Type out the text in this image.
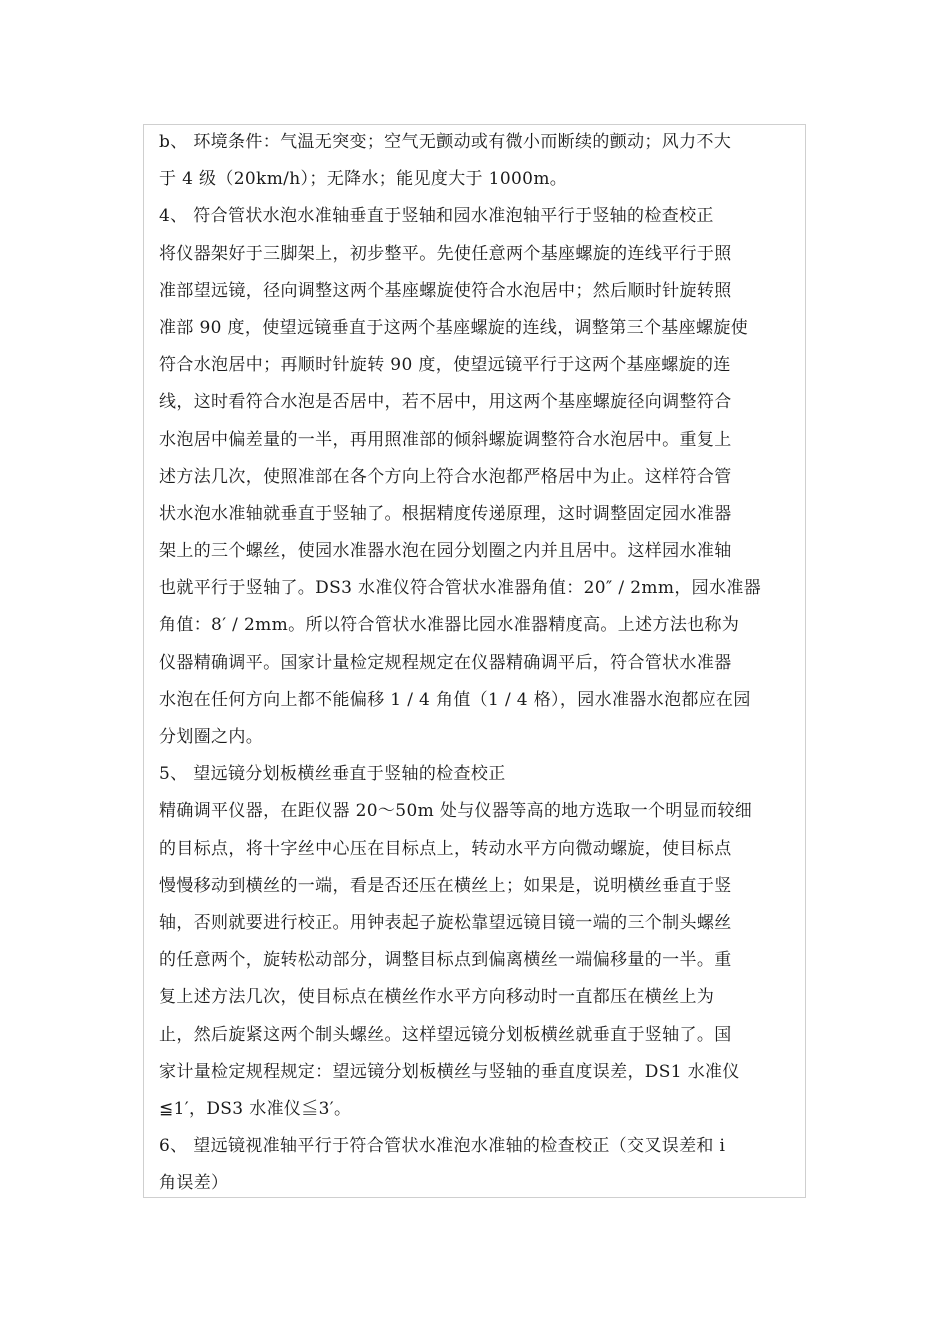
b、 环境条件：气温无突变；空气无颤动或有微小而断续的颤动；风力不大
于 4 级（20km/h）；无降水；能见度大于 1000m。
4、 符合管状水泡水准轴垂直于竖轴和园水准泡轴平行于竖轴的检查校正
将仪器架好于三脚架上，初步整平。先使任意两个基座螺旋的连线平行于照
准部望远镜，径向调整这两个基座螺旋使符合水泡居中；然后顺时针旋转照
准部 90 度，使望远镜垂直于这两个基座螺旋的连线，调整第三个基座螺旋使
符合水泡居中；再顺时针旋转 90 度，使望远镜平行于这两个基座螺旋的连
线，这时看符合水泡是否居中，若不居中，用这两个基座螺旋径向调整符合
水泡居中偏差量的一半，再用照准部的倾斜螺旋调整符合水泡居中。重复上
述方法几次，使照准部在各个方向上符合水泡都严格居中为止。这样符合管
状水泡水准轴就垂直于竖轴了。根据精度传递原理，这时调整固定园水准器
架上的三个螺丝，使园水准器水泡在园分划圈之内并且居中。这样园水准轴
也就平行于竖轴了。DS3 水准仪符合管状水准器角值：20″ / 2mm，园水准器
角值：8′ / 2mm。所以符合管状水准器比园水准器精度高。上述方法也称为
仪器精确调平。国家计量检定规程规定在仪器精确调平后，符合管状水准器
水泡在任何方向上都不能偏移 1 / 4 角值（1 / 4 格），园水准器水泡都应在园
分划圈之内。
5、 望远镜分划板横丝垂直于竖轴的检查校正
精确调平仪器，在距仪器 20～50m 处与仪器等高的地方选取一个明显而较细
的目标点，将十字丝中心压在目标点上，转动水平方向微动螺旋，使目标点
慢慢移动到横丝的一端，看是否还压在横丝上；如果是，说明横丝垂直于竖
轴，否则就要进行校正。用钟表起子旋松靠望远镜目镜一端的三个制头螺丝
的任意两个，旋转松动部分，调整目标点到偏离横丝一端偏移量的一半。重
复上述方法几次，使目标点在横丝作水平方向移动时一直都压在横丝上为
止，然后旋紧这两个制头螺丝。这样望远镜分划板横丝就垂直于竖轴了。国
家计量检定规程规定：望远镜分划板横丝与竖轴的垂直度误差，DS1 水准仪
≦1′，DS3 水准仪≦3′。
6、 望远镜视准轴平行于符合管状水准泡水准轴的检查校正（交叉误差和 i
角误差）
